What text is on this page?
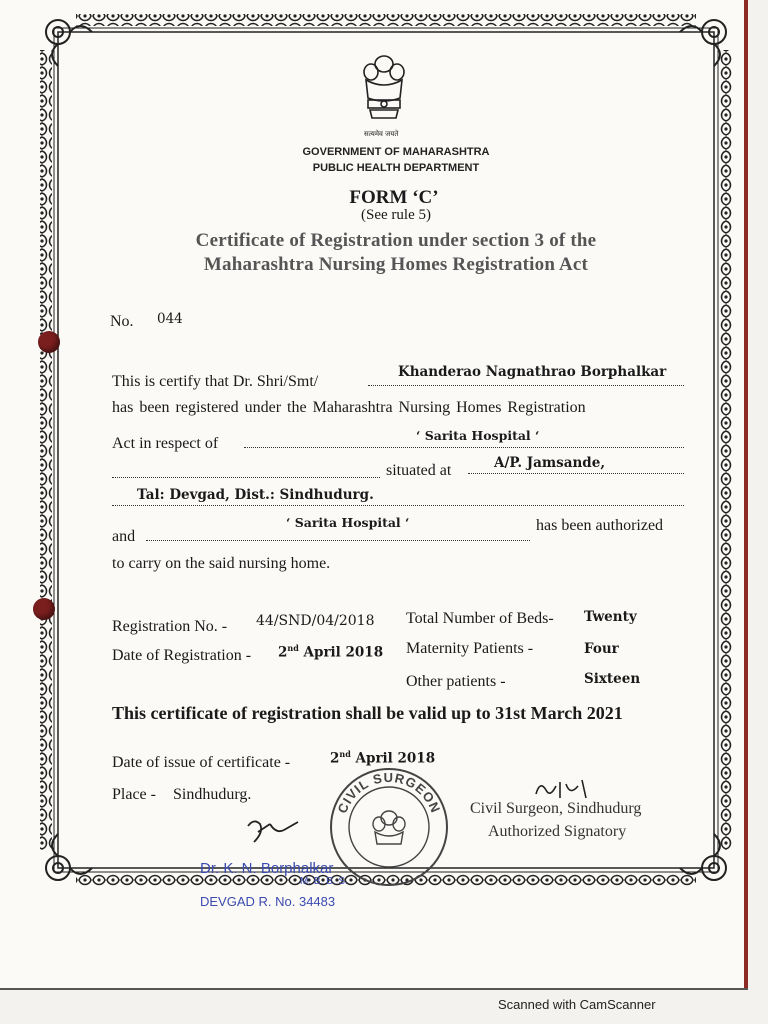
सत्यमेव जयते
GOVERNMENT OF MAHARASHTRA
PUBLIC HEALTH DEPARTMENT
FORM ‘C’
(See rule 5)
Certificate of Registration under section 3 of the
Maharashtra Nursing Homes Registration Act
No. 044
This is certify that Dr. Shri/Smt/
Khanderao Nagnathrao Borphalkar
has been registered under the Maharashtra Nursing Homes Registration
Act in respect of	‘ Sarita Hospital ‘
situated at	A/P. Jamsande,
Tal: Devgad, Dist.: Sindhudurg.
and
‘ Sarita Hospital ‘	has been authorized
to carry on the said nursing home.
Registration No. - 44/SND/04/2018
Date of Registration - 2nd April 2018
Total Number of Beds- Twenty
Maternity Patients -	Four
Other patients -	Sixteen
This certificate of registration shall be valid up to 31st March 2021
Date of issue of certificate -	2nd April 2018
Place - Sindhudurg.
CIVIL SURGEON Civil Surgeon, Sindhudurg
Authorized Signatory
Dr. K. N. Borphalkar
M. B. B. S.
DEVGAD R. No. 34483
Scanned with CamScanner
